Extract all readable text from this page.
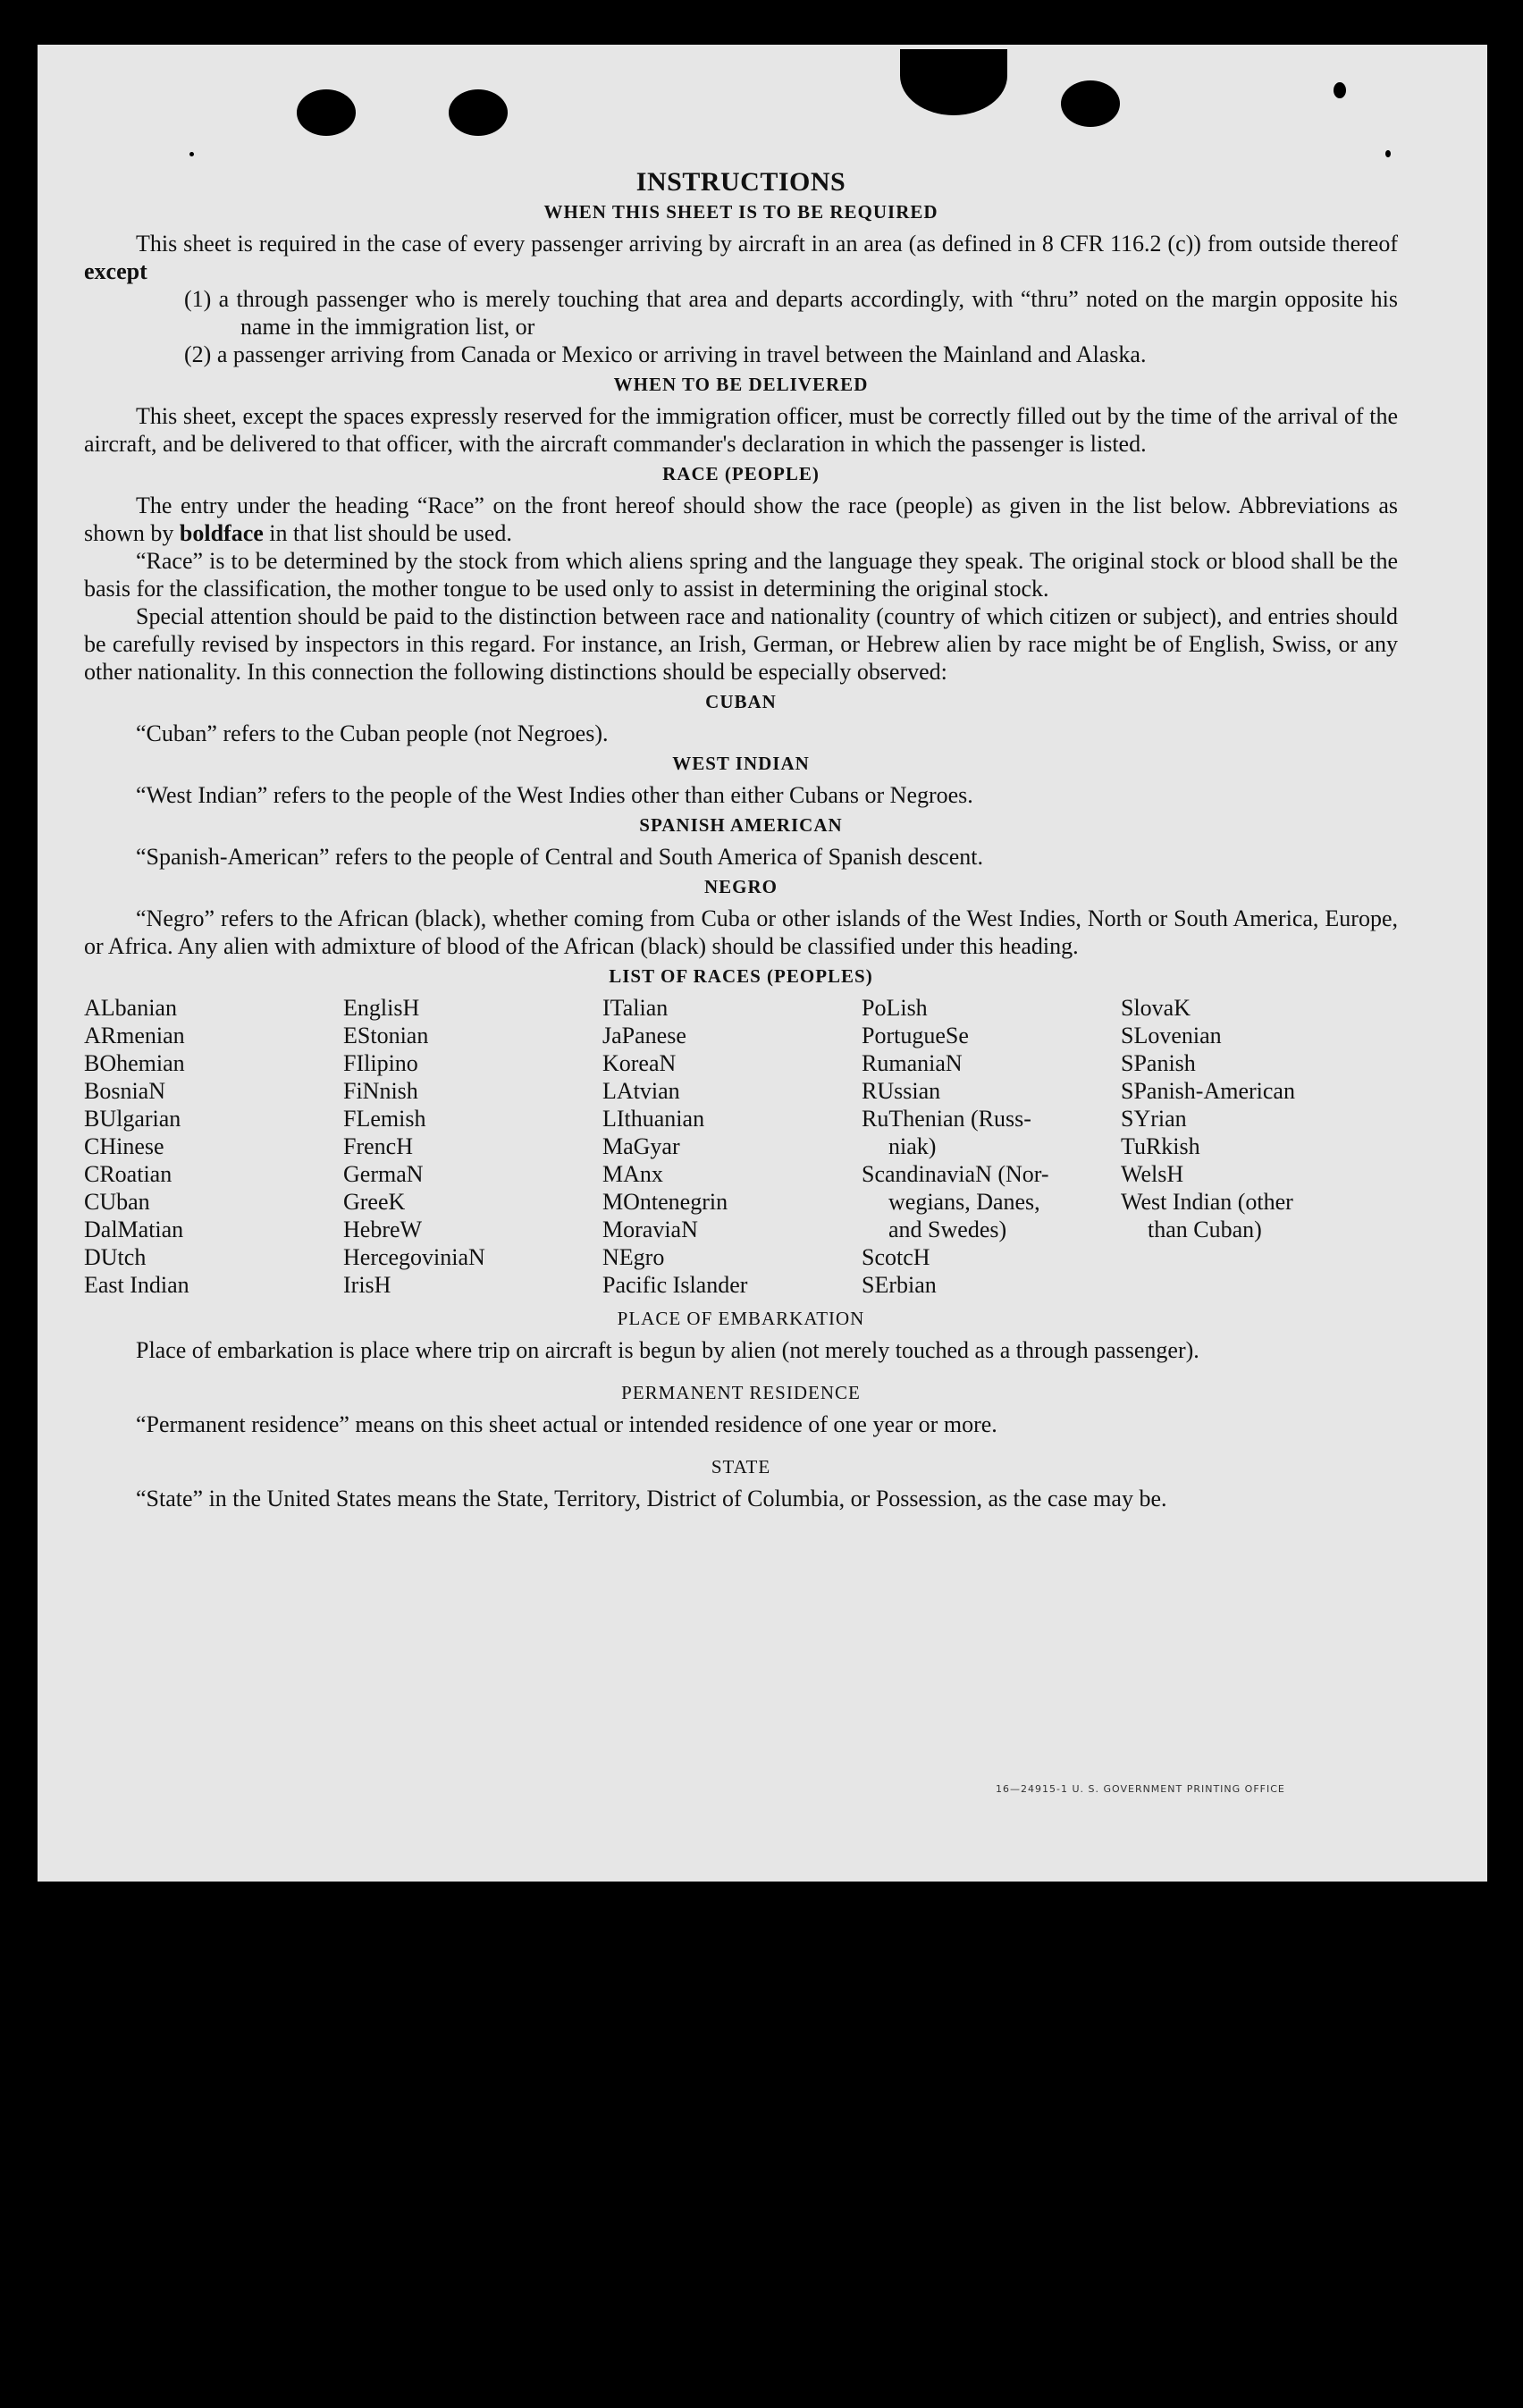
INSTRUCTIONS
WHEN THIS SHEET IS TO BE REQUIRED

This sheet is required in the case of every passenger arriving by aircraft in an area (as defined in 8 CFR 116.2 (c)) from outside thereof except

(1) a through passenger who is merely touching that area and departs accordingly, with “thru” noted on the margin opposite his name in the immigration list, or
(2) a passenger arriving from Canada or Mexico or arriving in travel between the Mainland and Alaska.
WHEN TO BE DELIVERED

This sheet, except the spaces expressly reserved for the immigration officer, must be correctly filled out by the time of the arrival of the aircraft, and be delivered to that officer, with the aircraft commander's declaration in which the passenger is listed.

RACE (PEOPLE)

The entry under the heading “Race” on the front hereof should show the race (people) as given in the list below. Abbreviations as shown by boldface in that list should be used.

“Race” is to be determined by the stock from which aliens spring and the language they speak. The original stock or blood shall be the basis for the classification, the mother tongue to be used only to assist in determining the original stock.

Special attention should be paid to the distinction between race and nationality (country of which citizen or subject), and entries should be carefully revised by inspectors in this regard. For instance, an Irish, German, or Hebrew alien by race might be of English, Swiss, or any other nationality. In this connection the following distinctions should be especially observed:

CUBAN

“Cuban” refers to the Cuban people (not Negroes).

WEST INDIAN

“West Indian” refers to the people of the West Indies other than either Cubans or Negroes.

SPANISH AMERICAN

“Spanish-American” refers to the people of Central and South America of Spanish descent.

NEGRO

“Negro” refers to the African (black), whether coming from Cuba or other islands of the West Indies, North or South America, Europe, or Africa. Any alien with admixture of blood of the African (black) should be classified under this heading.

LIST OF RACES (PEOPLES)
ALbanian
ARmenian
BOhemian
BosniaN
BUlgarian
CHinese
CRoatian
CUban
DalMatian
DUtch
East Indian
EnglisH
EStonian
FIlipino
FiNnish
FLemish
FrencH
GermaN
GreeK
HebreW
HercegoviniaN
IrisH
ITalian
JaPanese
KoreaN
LAtvian
LIthuanian
MaGyar
MAnx
MOntenegrin
MoraviaN
NEgro
Pacific Islander
PoLish
PortugueSe
RumaniaN
RUssian
RuThenian (Russ-
niak)
ScandinaviaN (Nor-
wegians, Danes,
and Swedes)
ScotcH
SErbian
SlovaK
SLovenian
SPanish
SPanish-American
SYrian
TuRkish
WelsH
West Indian (other
than Cuban)
PLACE OF EMBARKATION

Place of embarkation is place where trip on aircraft is begun by alien (not merely touched as a through passenger).

PERMANENT RESIDENCE

“Permanent residence” means on this sheet actual or intended residence of one year or more.

STATE

“State” in the United States means the State, Territory, District of Columbia, or Possession, as the case may be.

16—24915-1 U. S. GOVERNMENT PRINTING OFFICE
